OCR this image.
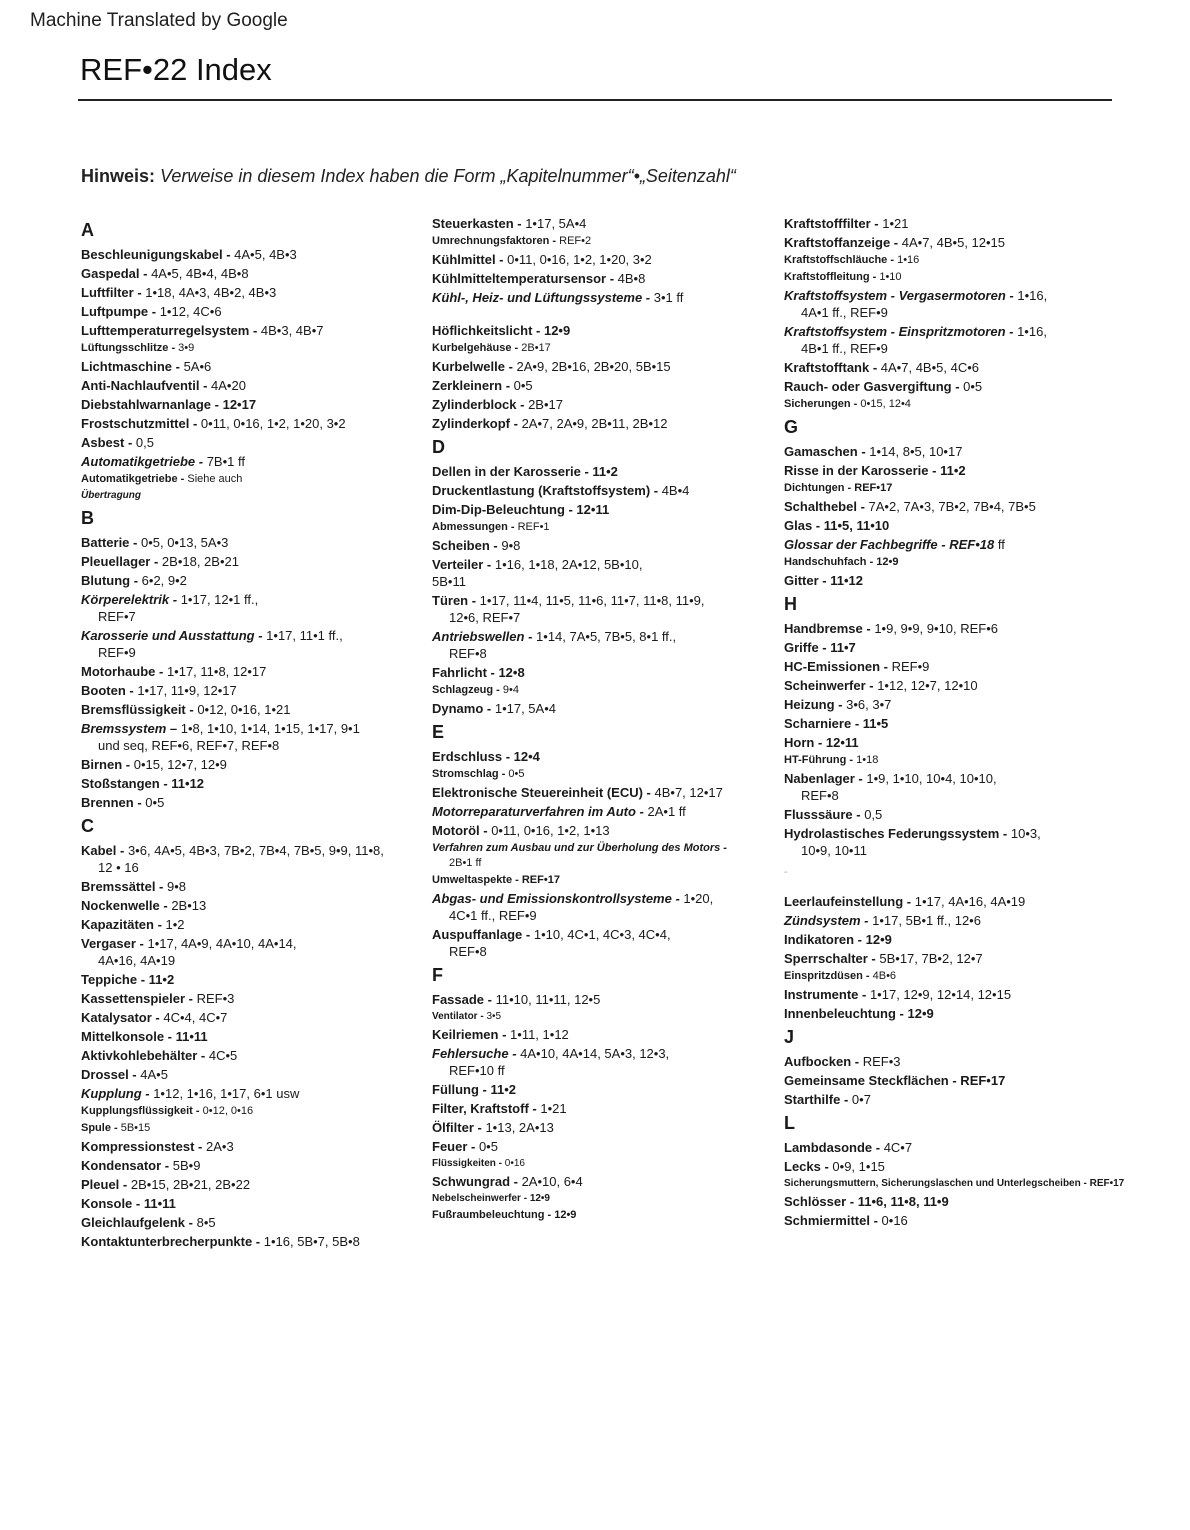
Machine Translated by Google
REF•22 Index
Hinweis: Verweise in diesem Index haben die Form „Kapitelnummer“•„Seitenzahl“
A
Beschleunigungskabel - 4A•5, 4B•3
Gaspedal - 4A•5, 4B•4, 4B•8
Luftfilter - 1•18, 4A•3, 4B•2, 4B•3
Luftpumpe - 1•12, 4C•6
Lufttemperaturregelsystem - 4B•3, 4B•7
Lüftungsschlitze - 3•9
Lichtmaschine - 5A•6
Anti-Nachlaufventil - 4A•20
Diebstahlwarnanlage - 12•17
Frostschutzmittel - 0•11, 0•16, 1•2, 1•20, 3•2
Asbest - 0,5
Automatikgetriebe - 7B•1 ff
Automatikgetriebe - Siehe auch
Übertragung
B
Batterie - 0•5, 0•13, 5A•3
Pleuellager - 2B•18, 2B•21
Blutung - 6•2, 9•2
Körperelektrik - 1•17, 12•1 ff.,
REF•7
Karosserie und Ausstattung - 1•17, 11•1 ff.,
REF•9
Motorhaube - 1•17, 11•8, 12•17
Booten - 1•17, 11•9, 12•17
Bremsflüssigkeit - 0•12, 0•16, 1•21
Bremssystem – 1•8, 1•10, 1•14, 1•15, 1•17, 9•1
und seq, REF•6, REF•7, REF•8
Birnen - 0•15, 12•7, 12•9
Stoßstangen - 11•12
Brennen - 0•5
C
Kabel - 3•6, 4A•5, 4B•3, 7B•2, 7B•4, 7B•5, 9•9, 11•8,
12 • 16
Bremssättel - 9•8
Nockenwelle - 2B•13
Kapazitäten - 1•2
Vergaser - 1•17, 4A•9, 4A•10, 4A•14,
4A•16, 4A•19
Teppiche - 11•2
Kassettenspieler - REF•3
Katalysator - 4C•4, 4C•7
Mittelkonsole - 11•11
Aktivkohlebehälter - 4C•5
Drossel - 4A•5
Kupplung - 1•12, 1•16, 1•17, 6•1 usw
Kupplungsflüssigkeit - 0•12, 0•16
Spule - 5B•15
Kompressionstest - 2A•3
Kondensator - 5B•9
Pleuel - 2B•15, 2B•21, 2B•22
Konsole - 11•11
Gleichlaufgelenk - 8•5
Kontaktunterbrecherpunkte - 1•16, 5B•7, 5B•8
Steuerkasten - 1•17, 5A•4
Umrechnungsfaktoren - REF•2
Kühlmittel - 0•11, 0•16, 1•2, 1•20, 3•2
Kühlmitteltemperatursensor - 4B•8
Kühl-, Heiz- und Lüftungssysteme - 3•1 ff
Höflichkeitslicht - 12•9
Kurbelgehäuse - 2B•17
Kurbelwelle - 2A•9, 2B•16, 2B•20, 5B•15
Zerkleinern - 0•5
Zylinderblock - 2B•17
Zylinderkopf - 2A•7, 2A•9, 2B•11, 2B•12
D
Dellen in der Karosserie - 11•2
Druckentlastung (Kraftstoffsystem) - 4B•4
Dim-Dip-Beleuchtung - 12•11
Abmessungen - REF•1
Scheiben - 9•8
Verteiler - 1•16, 1•18, 2A•12, 5B•10,
5B•11
Türen - 1•17, 11•4, 11•5, 11•6, 11•7, 11•8, 11•9,
12•6, REF•7
Antriebswellen - 1•14, 7A•5, 7B•5, 8•1 ff.,
REF•8
Fahrlicht - 12•8
Schlagzeug - 9•4
Dynamo - 1•17, 5A•4
E
Erdschluss - 12•4
Stromschlag - 0•5
Elektronische Steuereinheit (ECU) - 4B•7, 12•17
Motorreparaturverfahren im Auto - 2A•1 ff
Motoröl - 0•11, 0•16, 1•2, 1•13
Verfahren zum Ausbau und zur Überholung des Motors -
2B•1 ff
Umweltaspekte - REF•17
Abgas- und Emissionskontrollsysteme - 1•20,
4C•1 ff., REF•9
Auspuffanlage - 1•10, 4C•1, 4C•3, 4C•4,
REF•8
F
Fassade - 11•10, 11•11, 12•5
Ventilator - 3•5
Keilriemen - 1•11, 1•12
Fehlersuche - 4A•10, 4A•14, 5A•3, 12•3,
REF•10 ff
Füllung - 11•2
Filter, Kraftstoff - 1•21
Ölfilter - 1•13, 2A•13
Feuer - 0•5
Flüssigkeiten - 0•16
Schwungrad - 2A•10, 6•4
Nebelscheinwerfer - 12•9
Fußraumbeleuchtung - 12•9
Kraftstofffilter - 1•21
Kraftstoffanzeige - 4A•7, 4B•5, 12•15
Kraftstoffschläuche - 1•16
Kraftstoffleitung - 1•10
Kraftstoffsystem - Vergasermotoren - 1•16,
4A•1 ff., REF•9
Kraftstoffsystem - Einspritzmotoren - 1•16,
4B•1 ff., REF•9
Kraftstofftank - 4A•7, 4B•5, 4C•6
Rauch- oder Gasvergiftung - 0•5
Sicherungen - 0•15, 12•4
G
Gamaschen - 1•14, 8•5, 10•17
Risse in der Karosserie - 11•2
Dichtungen - REF•17
Schalthebel - 7A•2, 7A•3, 7B•2, 7B•4, 7B•5
Glas - 11•5, 11•10
Glossar der Fachbegriffe - REF•18 ff
Handschuhfach - 12•9
Gitter - 11•12
H
Handbremse - 1•9, 9•9, 9•10, REF•6
Griffe - 11•7
HC-Emissionen - REF•9
Scheinwerfer - 1•12, 12•7, 12•10
Heizung - 3•6, 3•7
Scharniere - 11•5
Horn - 12•11
HT-Führung - 1•18
Nabenlager - 1•9, 1•10, 10•4, 10•10,
REF•8
Flusssäure - 0,5
Hydrolastisches Federungssystem - 10•3,
10•9, 10•11
-
Leerlaufeinstellung - 1•17, 4A•16, 4A•19
Zündsystem - 1•17, 5B•1 ff., 12•6
Indikatoren - 12•9
Sperrschalter - 5B•17, 7B•2, 12•7
Einspritzdüsen - 4B•6
Instrumente - 1•17, 12•9, 12•14, 12•15
Innenbeleuchtung - 12•9
J
Aufbocken - REF•3
Gemeinsame Steckflächen - REF•17
Starthilfe - 0•7
L
Lambdasonde - 4C•7
Lecks - 0•9, 1•15
Sicherungsmuttern, Sicherungslaschen und Unterlegscheiben - REF•17
Schlösser - 11•6, 11•8, 11•9
Schmiermittel - 0•16
